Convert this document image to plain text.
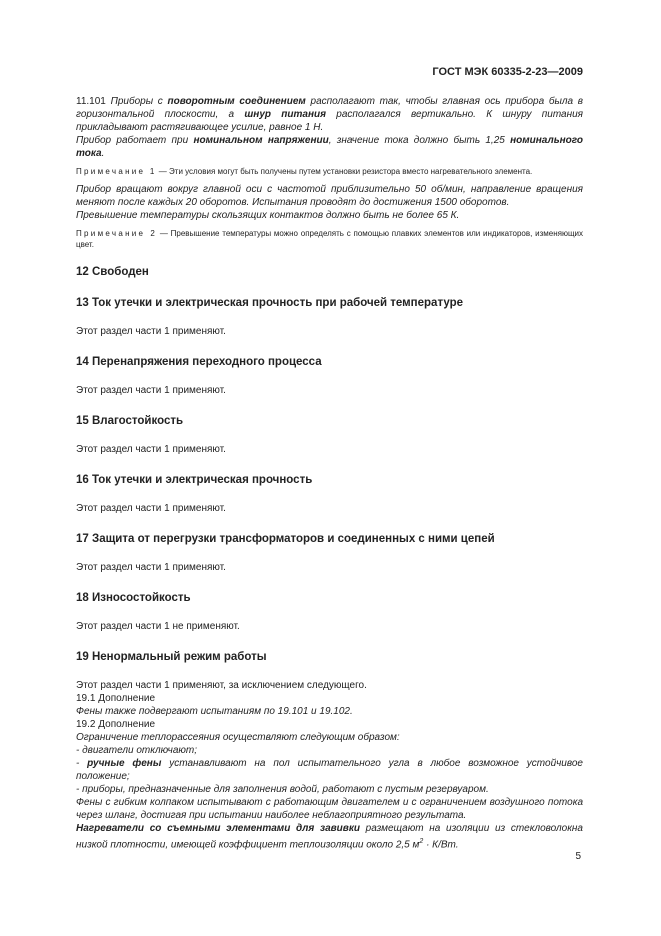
ГОСТ МЭК 60335-2-23—2009

11.101 Приборы с поворотным соединением располагают так, чтобы главная ось прибора была в горизонтальной плоскости, а шнур питания располагался вертикально. К шнуру питания прикладывают растягивающее усилие, равное 1 Н.

Прибор работает при номинальном напряжении, значение тока должно быть 1,25 номинального тока.

Примечание 1 — Эти условия могут быть получены путем установки резистора вместо нагревательного элемента.

Прибор вращают вокруг главной оси с частотой приблизительно 50 об/мин, направление вращения меняют после каждых 20 оборотов. Испытания проводят до достижения 1500 оборотов.

Превышение температуры скользящих контактов должно быть не более 65 К.

Примечание 2 — Превышение температуры можно определять с помощью плавких элементов или индикаторов, изменяющих цвет.

12 Свободен
13 Ток утечки и электрическая прочность при рабочей температуре

Этот раздел части 1 применяют.

14 Перенапряжения переходного процесса

Этот раздел части 1 применяют.

15 Влагостойкость

Этот раздел части 1 применяют.

16 Ток утечки и электрическая прочность

Этот раздел части 1 применяют.

17 Защита от перегрузки трансформаторов и соединенных с ними цепей

Этот раздел части 1 применяют.

18 Износостойкость

Этот раздел части 1 не применяют.

19 Ненормальный режим работы

Этот раздел части 1 применяют, за исключением следующего.

19.1 Дополнение

Фены также подвергают испытаниям по 19.101 и 19.102.

19.2 Дополнение

Ограничение теплорассеяния осуществляют следующим образом:

- двигатели отключают;

- ручные фены устанавливают на пол испытательного угла в любое возможное устойчивое положение;

- приборы, предназначенные для заполнения водой, работают с пустым резервуаром.

Фены с гибким колпаком испытывают с работающим двигателем и с ограничением воздушного потока через шланг, достигая при испытании наиболее неблагоприятного результата.

Нагреватели со съемными элементами для завивки размещают на изоляции из стекловолокна низкой плотности, имеющей коэффициент теплоизоляции около 2,5 $м^2 \cdot К/Вт$.

5
